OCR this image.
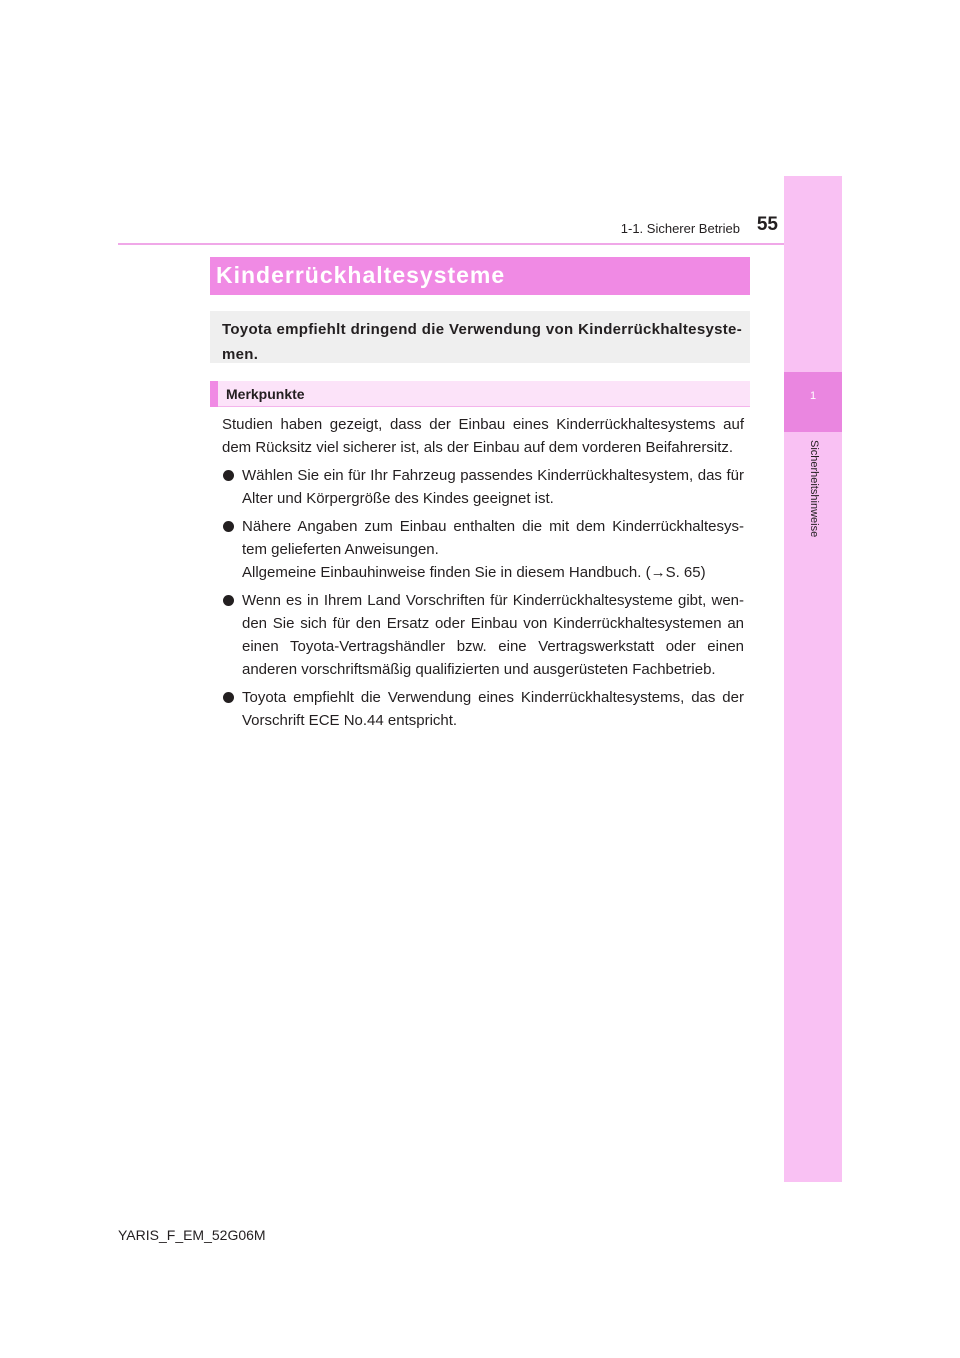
1
Sicherheitshinweise
1-1. Sicherer Betrieb 55
Kinderrückhaltesysteme
Toyota empfiehlt dringend die Verwendung von Kinderrückhaltesyste-men.
Merkpunkte

Studien haben gezeigt, dass der Einbau eines Kinderrückhaltesystems auf dem Rücksitz viel sicherer ist, als der Einbau auf dem vorderen Beifahrersitz.

Wählen Sie ein für Ihr Fahrzeug passendes Kinderrückhaltesystem, das für Alter und Körpergröße des Kindes geeignet ist.

Nähere Angaben zum Einbau enthalten die mit dem Kinderrückhaltesys-tem gelieferten Anweisungen.

Allgemeine Einbauhinweise finden Sie in diesem Handbuch. (→S. 65)

Wenn es in Ihrem Land Vorschriften für Kinderrückhaltesysteme gibt, wen-den Sie sich für den Ersatz oder Einbau von Kinderrückhaltesystemen an einen Toyota-Vertragshändler bzw. eine Vertragswerkstatt oder einen anderen vorschriftsmäßig qualifizierten und ausgerüsteten Fachbetrieb.

Toyota empfiehlt die Verwendung eines Kinderrückhaltesystems, das der Vorschrift ECE No.44 entspricht.

YARIS_F_EM_52G06M
